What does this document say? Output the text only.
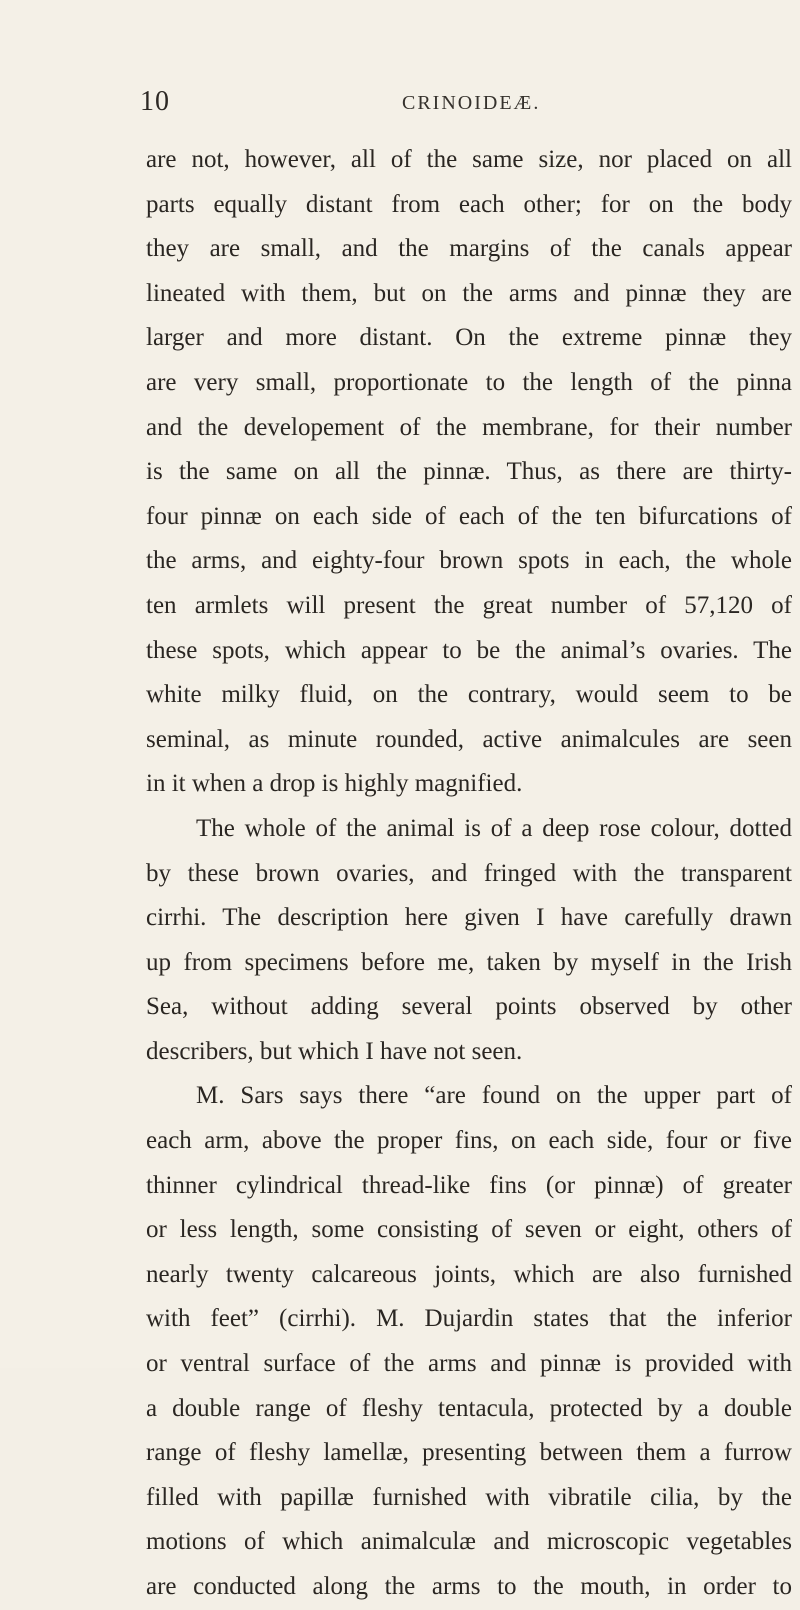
10	CRINOIDEÆ.
are not, however, all of the same size, nor placed on all
parts equally distant from each other; for on the body
they are small, and the margins of the canals appear
lineated with them, but on the arms and pinnæ they are
larger and more distant. On the extreme pinnæ they
are very small, proportionate to the length of the pinna
and the developement of the membrane, for their number
is the same on all the pinnæ. Thus, as there are thirty-
four pinnæ on each side of each of the ten bifurcations of
the arms, and eighty-four brown spots in each, the whole
ten armlets will present the great number of 57,120 of
these spots, which appear to be the animal’s ovaries. The
white milky fluid, on the contrary, would seem to be
seminal, as minute rounded, active animalcules are seen
in it when a drop is highly magnified.
The whole of the animal is of a deep rose colour, dotted
by these brown ovaries, and fringed with the transparent
cirrhi. The description here given I have carefully drawn
up from specimens before me, taken by myself in the Irish
Sea, without adding several points observed by other
describers, but which I have not seen.
M. Sars says there “are found on the upper part of
each arm, above the proper fins, on each side, four or five
thinner cylindrical thread-like fins (or pinnæ) of greater
or less length, some consisting of seven or eight, others of
nearly twenty calcareous joints, which are also furnished
with feet” (cirrhi). M. Dujardin states that the inferior
or ventral surface of the arms and pinnæ is provided with
a double range of fleshy tentacula, protected by a double
range of fleshy lamellæ, presenting between them a furrow
filled with papillæ furnished with vibratile cilia, by the
motions of which animalculæ and microscopic vegetables
are conducted along the arms to the mouth, in order to
